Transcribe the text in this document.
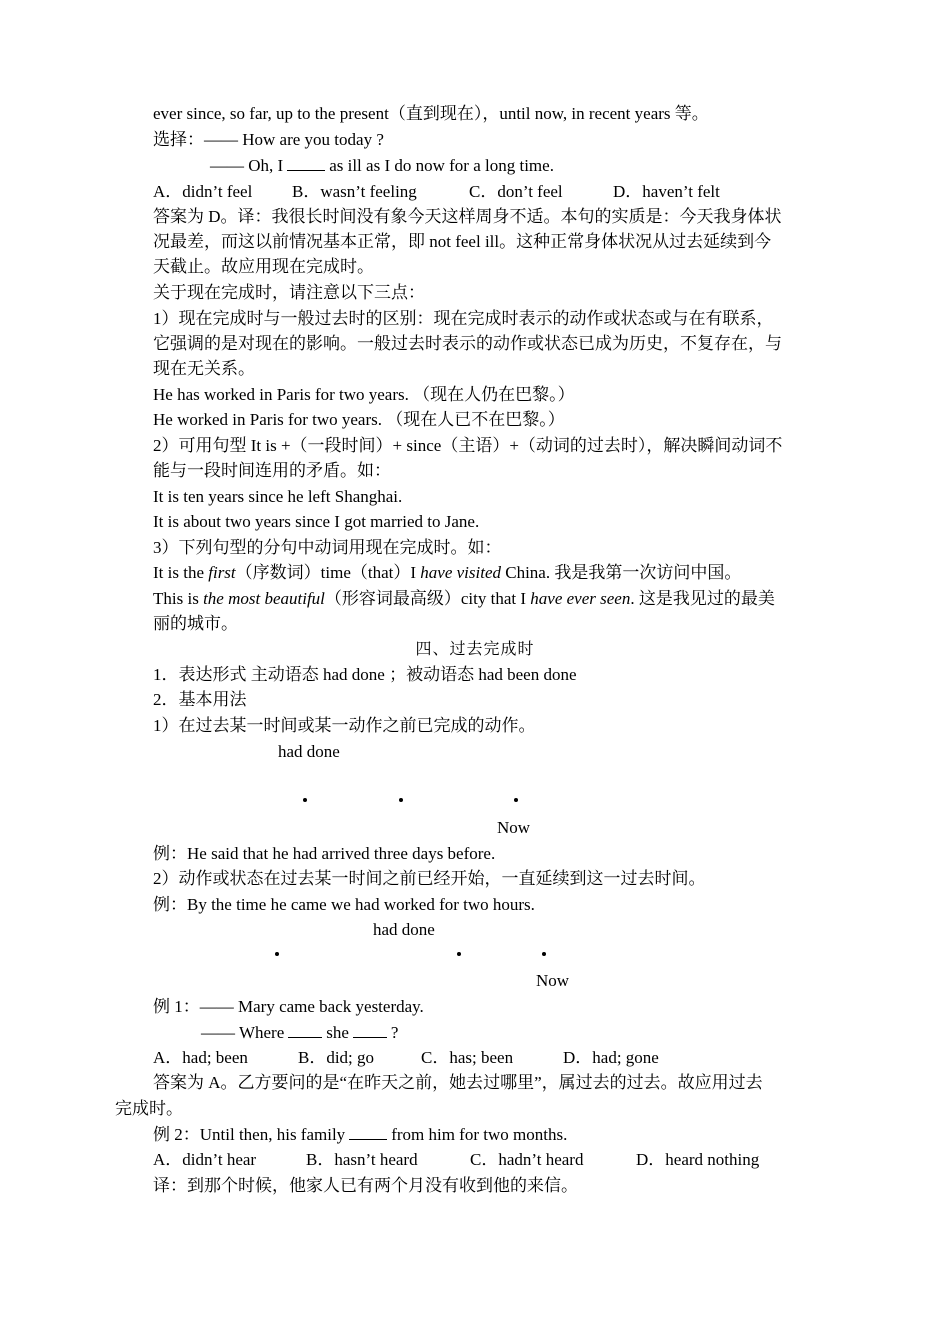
ever since, so far, up to the present（直到现在），until now, in recent years 等。
选择：—— How are you today ?
—— Oh, I	as ill as I do now for a long time.
A．didn’t feel B．wasn’t feeling	C．don’t feel	D．haven’t felt
答案为 D。译：我很长时间没有象今天这样周身不适。本句的实质是：今天我身体状
况最差，而这以前情况基本正常，即 not feel ill。这种正常身体状况从过去延续到今
天截止。故应用现在完成时。
关于现在完成时，请注意以下三点：
1）现在完成时与一般过去时的区别：现在完成时表示的动作或状态或与在有联系，
它强调的是对现在的影响。一般过去时表示的动作或状态已成为历史，不复存在，与
现在无关系。
He has worked in Paris for two years. （现在人仍在巴黎。）
He worked in Paris for two years. （现在人已不在巴黎。）
2）可用句型 It is +（一段时间）+ since（主语）+（动词的过去时），解决瞬间动词不
能与一段时间连用的矛盾。如：
It is ten years since he left Shanghai.
It is about two years since I got married to Jane.
3）下列句型的分句中动词用现在完成时。如：
It is the first（序数词）time（that）I have visited China. 我是我第一次访问中国。
This is the most beautiful（形容词最高级）city that I have ever seen. 这是我见过的最美
丽的城市。
四、过去完成时
1．表达形式 主动语态 had done ；被动语态 had been done
2．基本用法
1）在过去某一时间或某一动作之前已完成的动作。
had done
Now
例：He said that he had arrived three days before.
2）动作或状态在过去某一时间之前已经开始，一直延续到这一过去时间。
例：By the time he came we had worked for two hours.
had done
Now
例 1：—— Mary came back yesterday.
—— Where she ?
A．had; been	B．did; go	C．has; been	D．had; gone
答案为 A。乙方要问的是“在昨天之前，她去过哪里”，属过去的过去。故应用过去
完成时。
例 2：Until then, his family	from him for two months.
A．didn’t hear	B．hasn’t heard	C．hadn’t heard	D．heard nothing
译：到那个时候，他家人已有两个月没有收到他的来信。
